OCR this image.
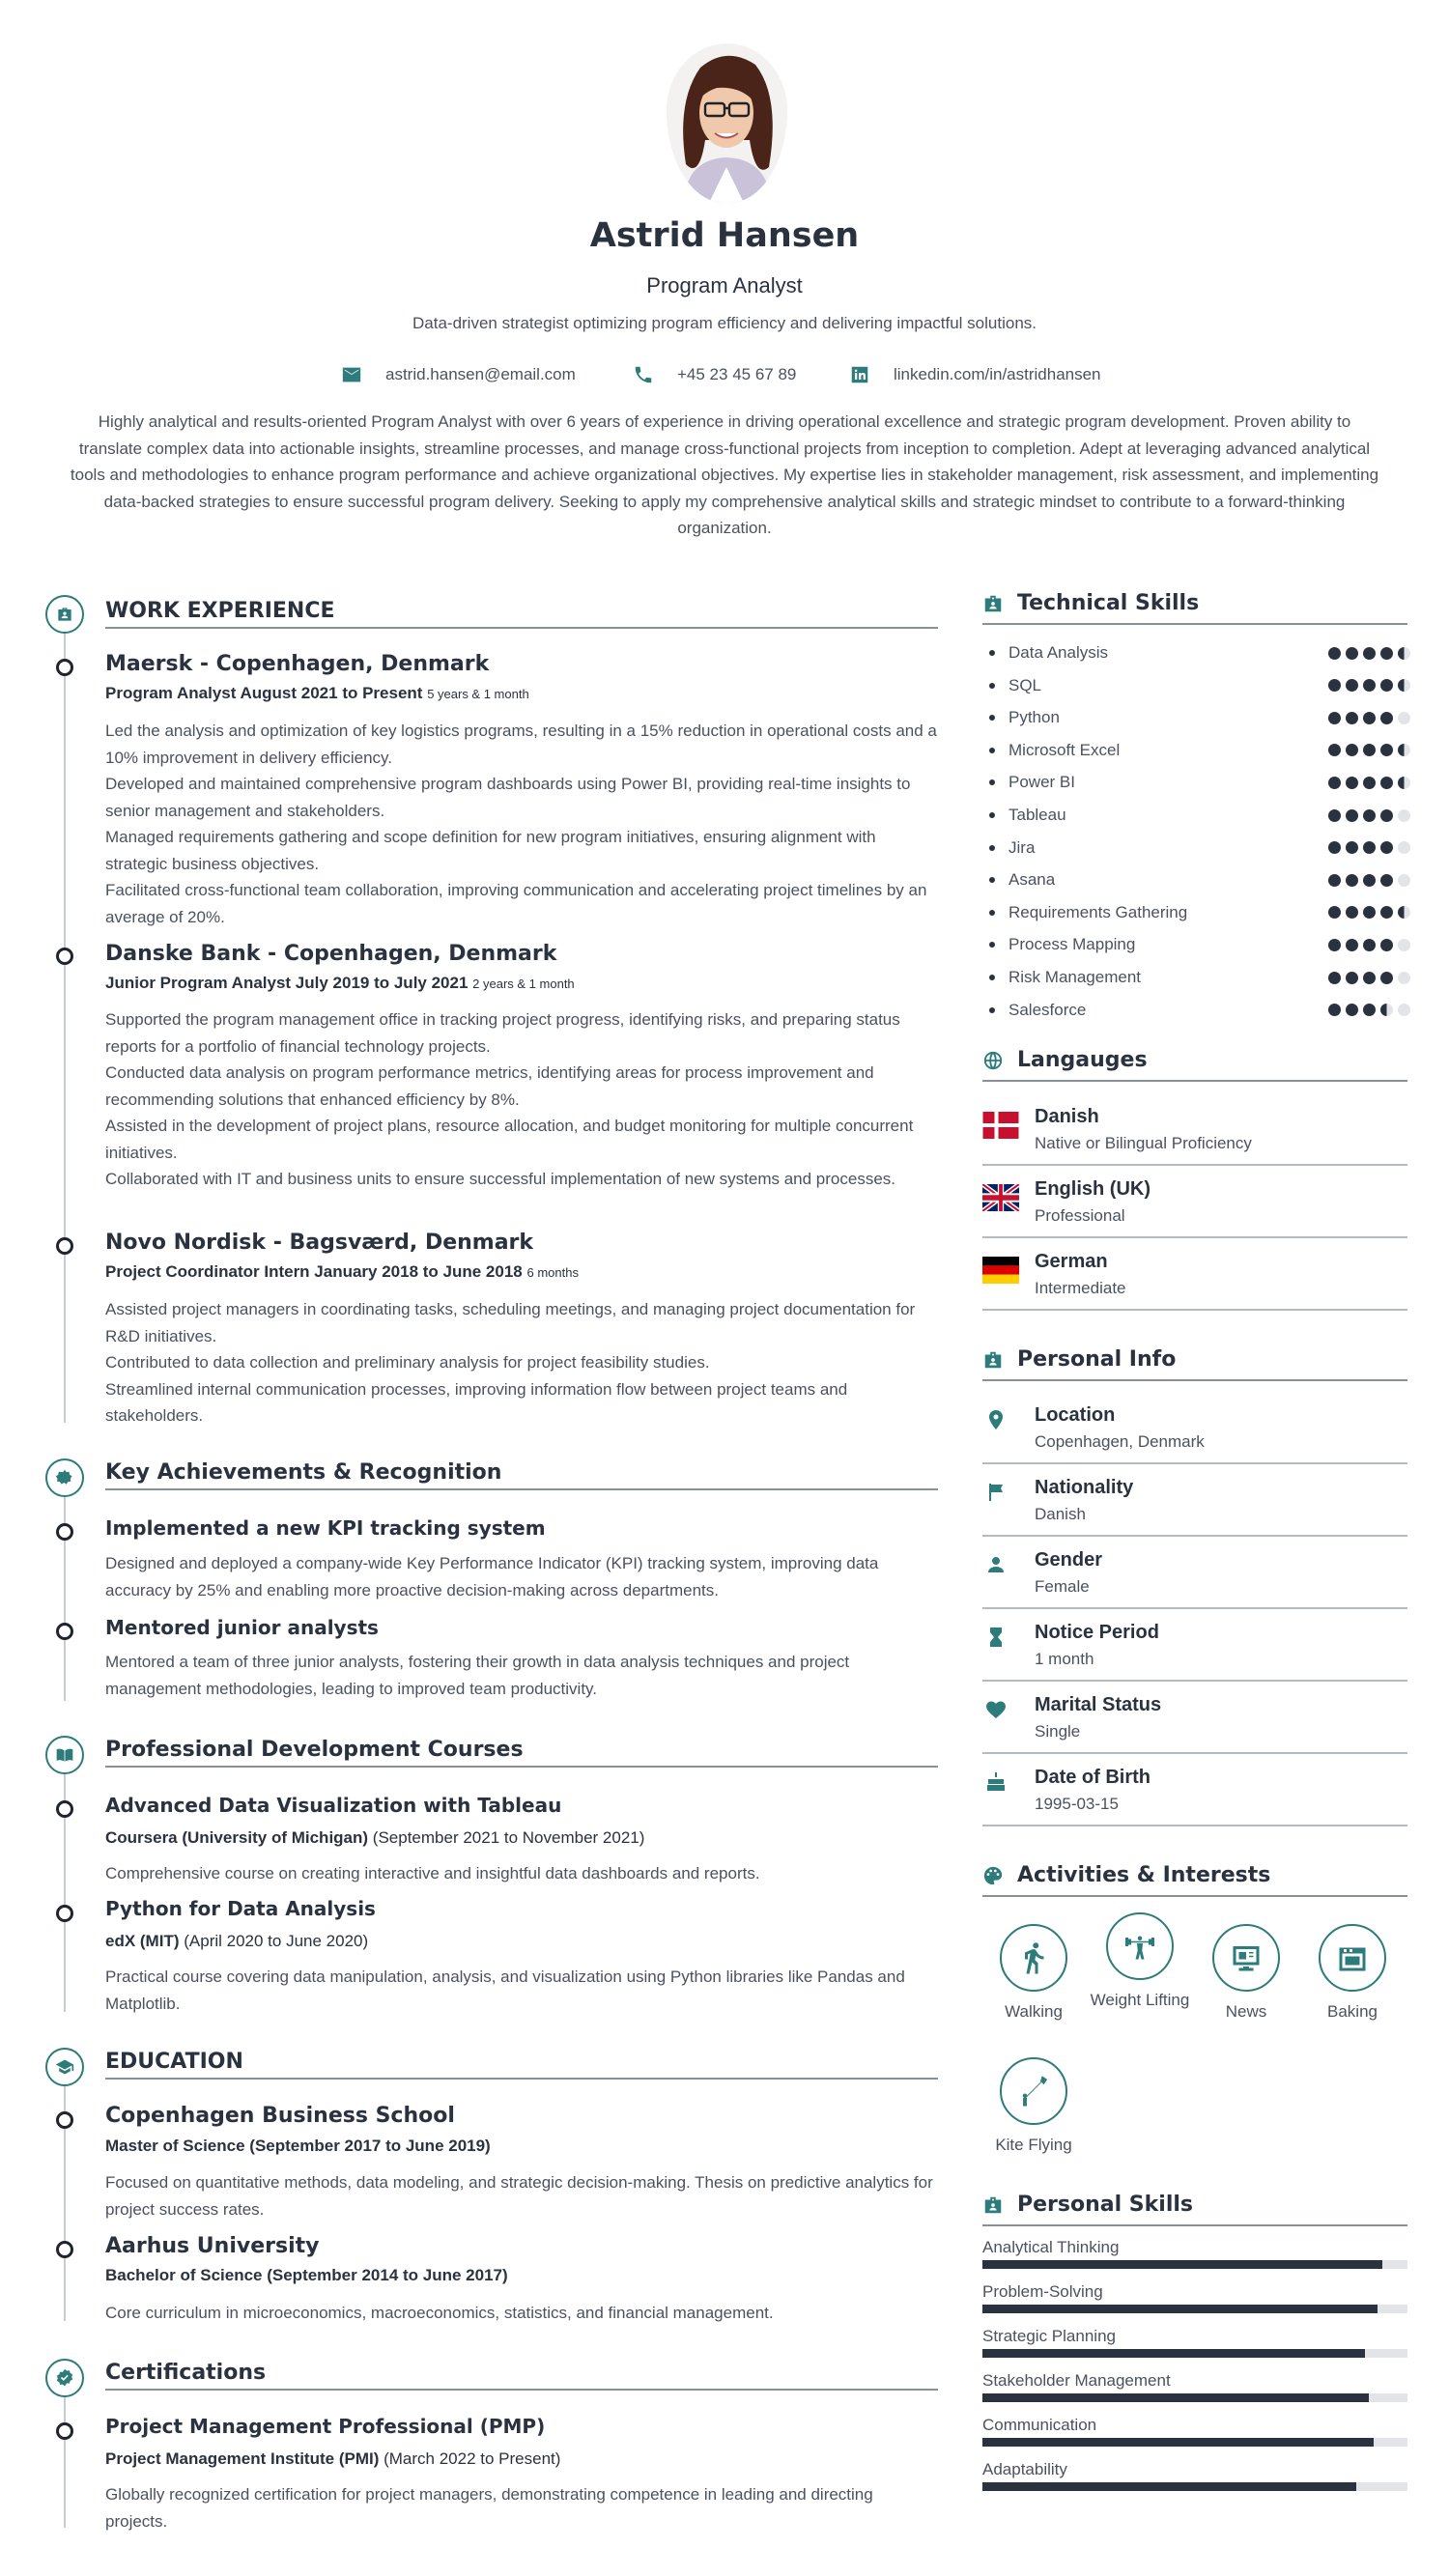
Astrid Hansen
Program Analyst
Data-driven strategist optimizing program efficiency and delivering impactful solutions.
astrid.hansen@email.com	+45 23 45 67 89	linkedin.com/in/astridhansen
Highly analytical and results-oriented Program Analyst with over 6 years of experience in driving operational excellence and strategic program development. Proven ability to translate complex data into actionable insights, streamline processes, and manage cross-functional projects from inception to completion. Adept at leveraging advanced analytical tools and methodologies to enhance program performance and achieve organizational objectives. My expertise lies in stakeholder management, risk assessment, and implementing data-backed strategies to ensure successful program delivery. Seeking to apply my comprehensive analytical skills and strategic mindset to contribute to a forward-thinking organization.
WORK EXPERIENCE
Maersk - Copenhagen, Denmark
Program Analyst August 2021 to Present 5 years & 1 month

Led the analysis and optimization of key logistics programs, resulting in a 15% reduction in operational costs and a 10% improvement in delivery efficiency.

Developed and maintained comprehensive program dashboards using Power BI, providing real-time insights to senior management and stakeholders.

Managed requirements gathering and scope definition for new program initiatives, ensuring alignment with strategic business objectives.

Facilitated cross-functional team collaboration, improving communication and accelerating project timelines by an average of 20%.

Danske Bank - Copenhagen, Denmark
Junior Program Analyst July 2019 to July 2021 2 years & 1 month

Supported the program management office in tracking project progress, identifying risks, and preparing status reports for a portfolio of financial technology projects.

Conducted data analysis on program performance metrics, identifying areas for process improvement and recommending solutions that enhanced efficiency by 8%.

Assisted in the development of project plans, resource allocation, and budget monitoring for multiple concurrent initiatives.

Collaborated with IT and business units to ensure successful implementation of new systems and processes.

Novo Nordisk - Bagsværd, Denmark
Project Coordinator Intern January 2018 to June 2018 6 months

Assisted project managers in coordinating tasks, scheduling meetings, and managing project documentation for R&D initiatives.

Contributed to data collection and preliminary analysis for project feasibility studies.

Streamlined internal communication processes, improving information flow between project teams and stakeholders.

Key Achievements & Recognition
Implemented a new KPI tracking system
Designed and deployed a company-wide Key Performance Indicator (KPI) tracking system, improving data accuracy by 25% and enabling more proactive decision-making across departments.
Mentored junior analysts
Mentored a team of three junior analysts, fostering their growth in data analysis techniques and project management methodologies, leading to improved team productivity.
Professional Development Courses
Advanced Data Visualization with Tableau
Coursera (University of Michigan) (September 2021 to November 2021)
Comprehensive course on creating interactive and insightful data dashboards and reports.
Python for Data Analysis
edX (MIT) (April 2020 to June 2020)
Practical course covering data manipulation, analysis, and visualization using Python libraries like Pandas and Matplotlib.
EDUCATION
Copenhagen Business School
Master of Science (September 2017 to June 2019)
Focused on quantitative methods, data modeling, and strategic decision-making. Thesis on predictive analytics for project success rates.
Aarhus University
Bachelor of Science (September 2014 to June 2017)
Core curriculum in microeconomics, macroeconomics, statistics, and financial management.
Certifications
Project Management Professional (PMP)
Project Management Institute (PMI) (March 2022 to Present)
Globally recognized certification for project managers, demonstrating competence in leading and directing projects.
Technical Skills
Data Analysis
SQL
Python
Microsoft Excel
Power BI
Tableau
Jira
Asana
Requirements Gathering
Process Mapping
Risk Management
Salesforce
Langauges
Danish
Native or Bilingual Proficiency
English (UK)
Professional
German
Intermediate
Personal Info
Location
Copenhagen, Denmark
Nationality
Danish
Gender
Female
Notice Period
1 month
Marital Status
Single
Date of Birth
1995-03-15
Activities & Interests
Walking
Weight Lifting
News	Baking
Kite Flying
Personal Skills
Analytical Thinking
Problem-Solving
Strategic Planning
Stakeholder Management
Communication
Adaptability
